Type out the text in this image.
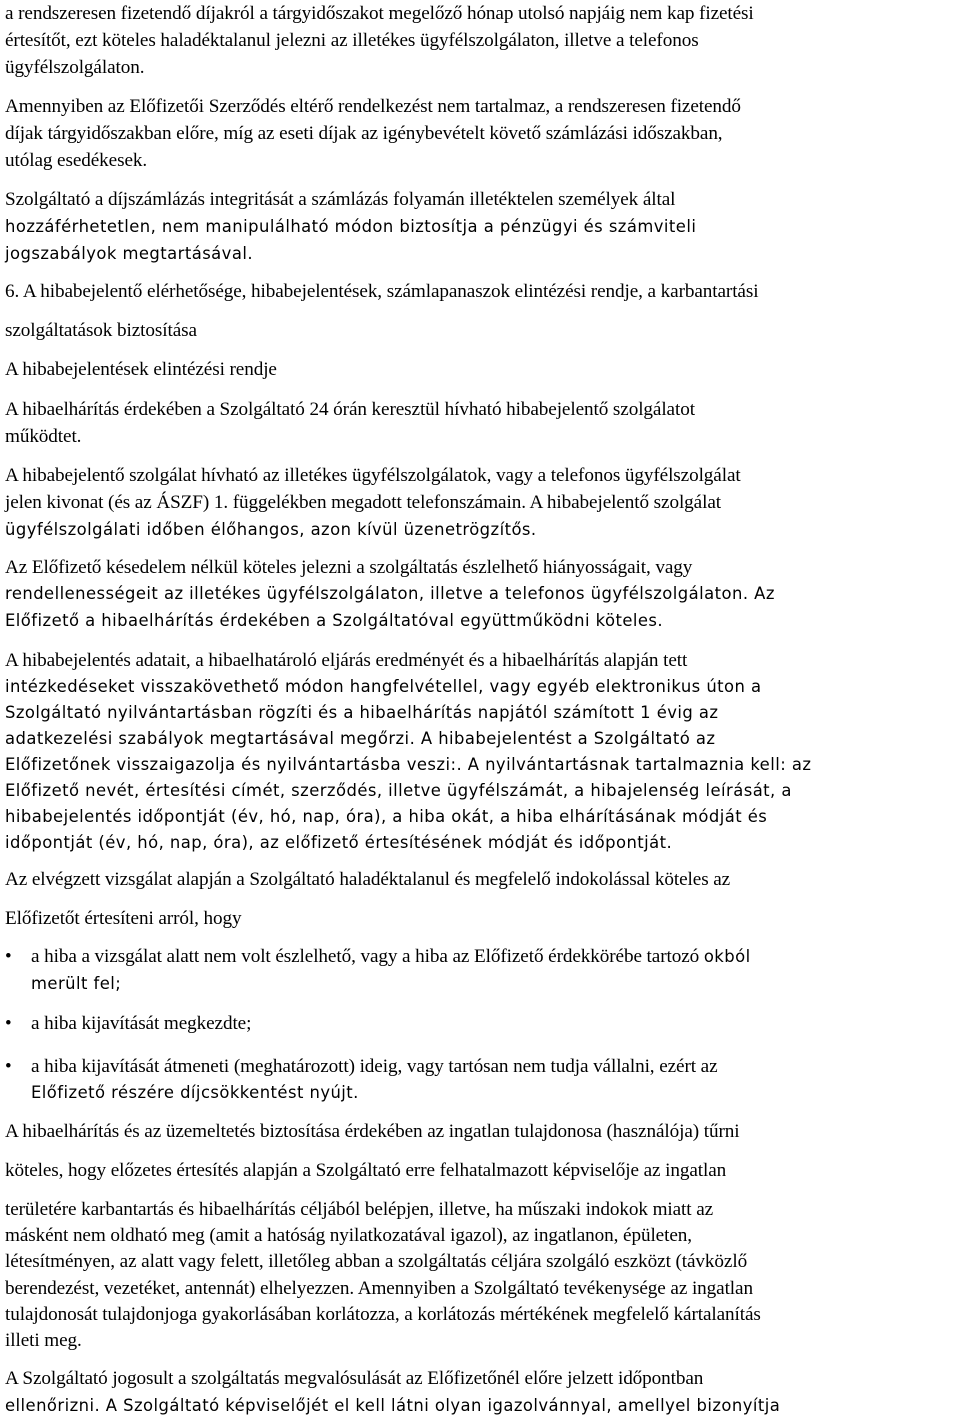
a rendszeresen fizetendő díjakról a tárgyidőszakot megelőző hónap utolsó napjáig nem kap fizetési
értesítőt, ezt köteles haladéktalanul jelezni az illetékes ügyfélszolgálaton, illetve a telefonos
ügyfélszolgálaton.
Amennyiben az Előfizetői Szerződés eltérő rendelkezést nem tartalmaz, a rendszeresen fizetendő
díjak tárgyidőszakban előre, míg az eseti díjak az igénybevételt követő számlázási időszakban,
utólag esedékesek.
Szolgáltató a díjszámlázás integritását a számlázás folyamán illetéktelen személyek által
hozzáférhetetlen, nem manipulálható módon biztosítja a pénzügyi és számviteli
jogszabályok megtartásával.
6. A hibabejelentő elérhetősége, hibabejelentések, számlapanaszok elintézési rendje, a karbantartási
szolgáltatások biztosítása
A hibabejelentések elintézési rendje
A hibaelhárítás érdekében a Szolgáltató 24 órán keresztül hívható hibabejelentő szolgálatot
működtet.
A hibabejelentő szolgálat hívható az illetékes ügyfélszolgálatok, vagy a telefonos ügyfélszolgálat
jelen kivonat (és az ÁSZF) 1. függelékben megadott telefonszámain. A hibabejelentő szolgálat
ügyfélszolgálati időben élőhangos, azon kívül üzenetrögzítős.
Az Előfizető késedelem nélkül köteles jelezni a szolgáltatás észlelhető hiányosságait, vagy
rendellenességeit az illetékes ügyfélszolgálaton, illetve a telefonos ügyfélszolgálaton. Az
Előfizető a hibaelhárítás érdekében a Szolgáltatóval együttműködni köteles.
A hibabejelentés adatait, a hibaelhatároló eljárás eredményét és a hibaelhárítás alapján tett
intézkedéseket visszakövethető módon hangfelvétellel, vagy egyéb elektronikus úton a
Szolgáltató nyilvántartásban rögzíti és a hibaelhárítás napjától számított 1 évig az
adatkezelési szabályok megtartásával megőrzi. A hibabejelentést a Szolgáltató az
Előfizetőnek visszaigazolja és nyilvántartásba veszi:. A nyilvántartásnak tartalmaznia kell: az
Előfizető nevét, értesítési címét, szerződés, illetve ügyfélszámát, a hibajelenség leírását, a
hibabejelentés időpontját (év, hó, nap, óra), a hiba okát, a hiba elhárításának módját és
időpontját (év, hó, nap, óra), az előfizető értesítésének módját és időpontját.
Az elvégzett vizsgálat alapján a Szolgáltató haladéktalanul és megfelelő indokolással köteles az
Előfizetőt értesíteni arról, hogy
• a hiba a vizsgálat alatt nem volt észlelhető, vagy a hiba az Előfizető érdekkörébe tartozó okból
merült fel;
• a hiba kijavítását megkezdte;
• a hiba kijavítását átmeneti (meghatározott) ideig, vagy tartósan nem tudja vállalni, ezért az
Előfizető részére díjcsökkentést nyújt.
A hibaelhárítás és az üzemeltetés biztosítása érdekében az ingatlan tulajdonosa (használója) tűrni
köteles, hogy előzetes értesítés alapján a Szolgáltató erre felhatalmazott képviselője az ingatlan
területére karbantartás és hibaelhárítás céljából belépjen, illetve, ha műszaki indokok miatt az
másként nem oldható meg (amit a hatóság nyilatkozatával igazol), az ingatlanon, épületen,
létesítményen, az alatt vagy felett, illetőleg abban a szolgáltatás céljára szolgáló eszközt (távközlő
berendezést, vezetéket, antennát) elhelyezzen. Amennyiben a Szolgáltató tevékenysége az ingatlan
tulajdonosát tulajdonjoga gyakorlásában korlátozza, a korlátozás mértékének megfelelő kártalanítás
illeti meg.
A Szolgáltató jogosult a szolgáltatás megvalósulását az Előfizetőnél előre jelzett időpontban
ellenőrizni. A Szolgáltató képviselőjét el kell látni olyan igazolvánnyal, amellyel bizonyítja
